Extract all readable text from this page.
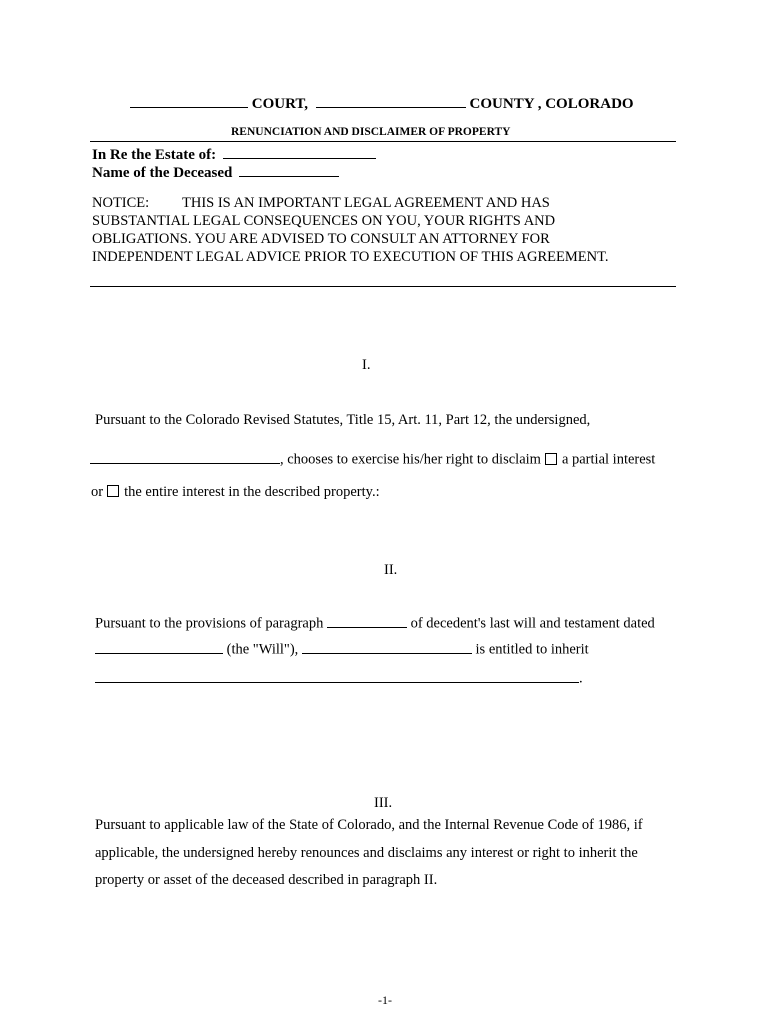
COURT,	COUNTY , COLORADO
RENUNCIATION AND DISCLAIMER OF PROPERTY
In Re the Estate of:
Name of the Deceased
NOTICE: THIS IS AN IMPORTANT LEGAL AGREEMENT AND HAS
SUBSTANTIAL LEGAL CONSEQUENCES ON YOU, YOUR RIGHTS AND
OBLIGATIONS. YOU ARE ADVISED TO CONSULT AN ATTORNEY FOR
INDEPENDENT LEGAL ADVICE PRIOR TO EXECUTION OF THIS AGREEMENT.
I.
Pursuant to the Colorado Revised Statutes, Title 15, Art. 11, Part 12, the undersigned,
, chooses to exercise his/her right to disclaim a partial interest
or the entire interest in the described property.:
II.
Pursuant to the provisions of paragraph	of decedent's last will and testament dated
(the "Will"),	is entitled to inherit
.
III.
Pursuant to applicable law of the State of Colorado, and the Internal Revenue Code of 1986, if
applicable, the undersigned hereby renounces and disclaims any interest or right to inherit the
property or asset of the deceased described in paragraph II.
-1-
